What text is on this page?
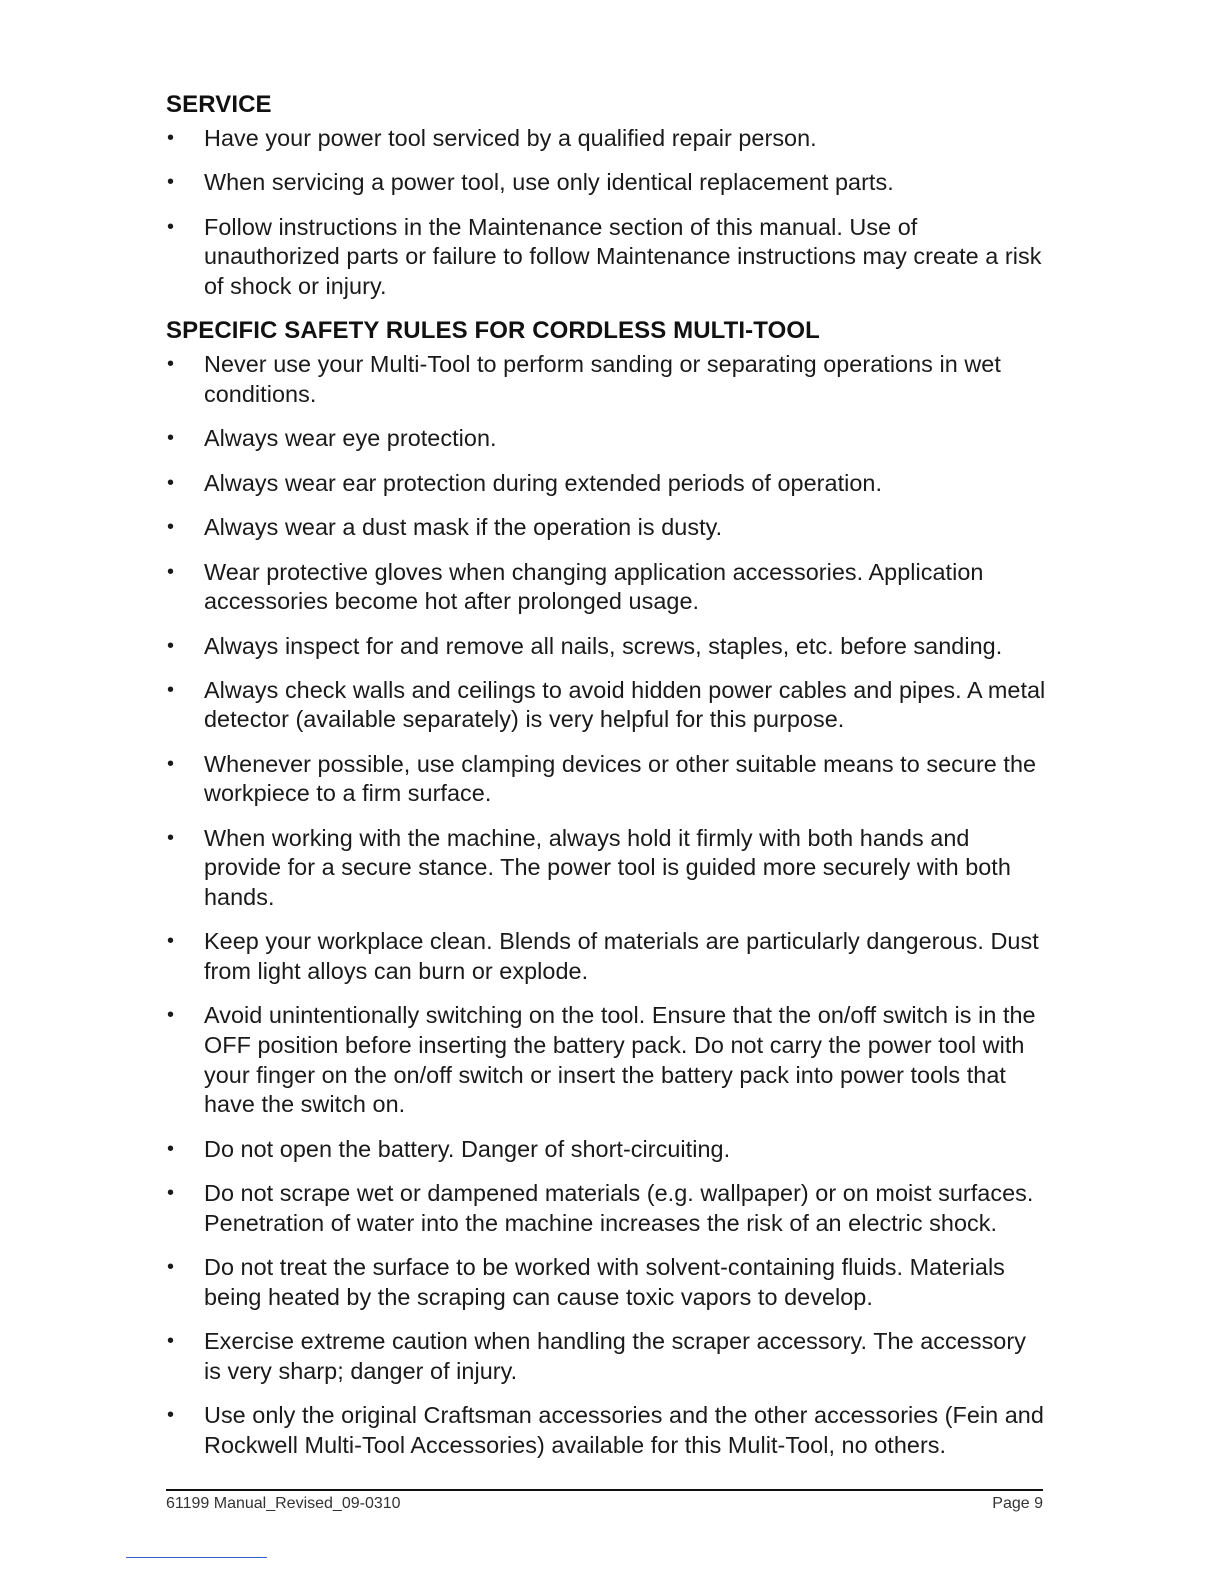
SERVICE
• Have your power tool serviced by a qualified repair person.
• When servicing a power tool, use only identical replacement parts.
• Follow instructions in the Maintenance section of this manual. Use of unauthorized parts or failure to follow Maintenance instructions may create a risk of shock or injury.
SPECIFIC SAFETY RULES FOR CORDLESS MULTI-TOOL
• Never use your Multi-Tool to perform sanding or separating operations in wet conditions.
• Always wear eye protection.
• Always wear ear protection during extended periods of operation.
• Always wear a dust mask if the operation is dusty.
• Wear protective gloves when changing application accessories. Application accessories become hot after prolonged usage.
• Always inspect for and remove all nails, screws, staples, etc. before sanding.
• Always check walls and ceilings to avoid hidden power cables and pipes. A metal detector (available separately) is very helpful for this purpose.
• Whenever possible, use clamping devices or other suitable means to secure the workpiece to a firm surface.
• When working with the machine, always hold it firmly with both hands and provide for a secure stance. The power tool is guided more securely with both hands.
• Keep your workplace clean. Blends of materials are particularly dangerous. Dust from light alloys can burn or explode.
• Avoid unintentionally switching on the tool. Ensure that the on/off switch is in the OFF position before inserting the battery pack. Do not carry the power tool with your finger on the on/off switch or insert the battery pack into power tools that have the switch on.
• Do not open the battery. Danger of short-circuiting.
• Do not scrape wet or dampened materials (e.g. wallpaper) or on moist surfaces. Penetration of water into the machine increases the risk of an electric shock.
• Do not treat the surface to be worked with solvent-containing fluids. Materials being heated by the scraping can cause toxic vapors to develop.
• Exercise extreme caution when handling the scraper accessory. The accessory is very sharp; danger of injury.
• Use only the original Craftsman accessories and the other accessories (Fein and Rockwell Multi-Tool Accessories) available for this Mulit-Tool, no others.
61199 Manual_Revised_09-0310	Page 9
